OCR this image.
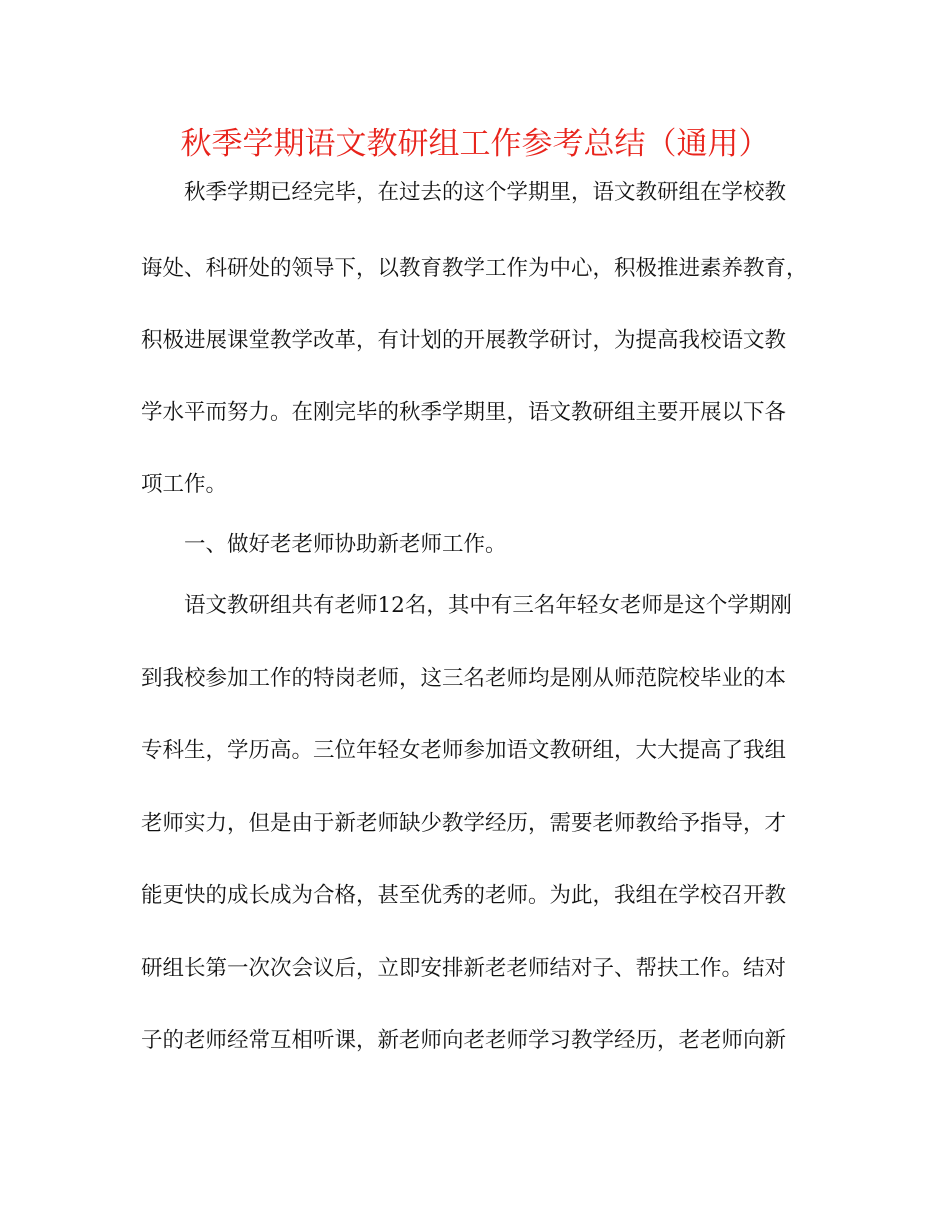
秋季学期语文教研组工作参考总结（通用）
秋季学期已经完毕，在过去的这个学期里，语文教研组在学校教
诲处、科研处的领导下，以教育教学工作为中心，积极推进素养教育，
积极进展课堂教学改革，有计划的开展教学研讨，为提高我校语文教
学水平而努力。在刚完毕的秋季学期里，语文教研组主要开展以下各
项工作。
一、做好老老师协助新老师工作。
语文教研组共有老师12名，其中有三名年轻女老师是这个学期刚
到我校参加工作的特岗老师，这三名老师均是刚从师范院校毕业的本
专科生，学历高。三位年轻女老师参加语文教研组，大大提高了我组
老师实力，但是由于新老师缺少教学经历，需要老师教给予指导，才
能更快的成长成为合格，甚至优秀的老师。为此，我组在学校召开教
研组长第一次次会议后，立即安排新老老师结对子、帮扶工作。结对
子的老师经常互相听课，新老师向老老师学习教学经历，老老师向新
